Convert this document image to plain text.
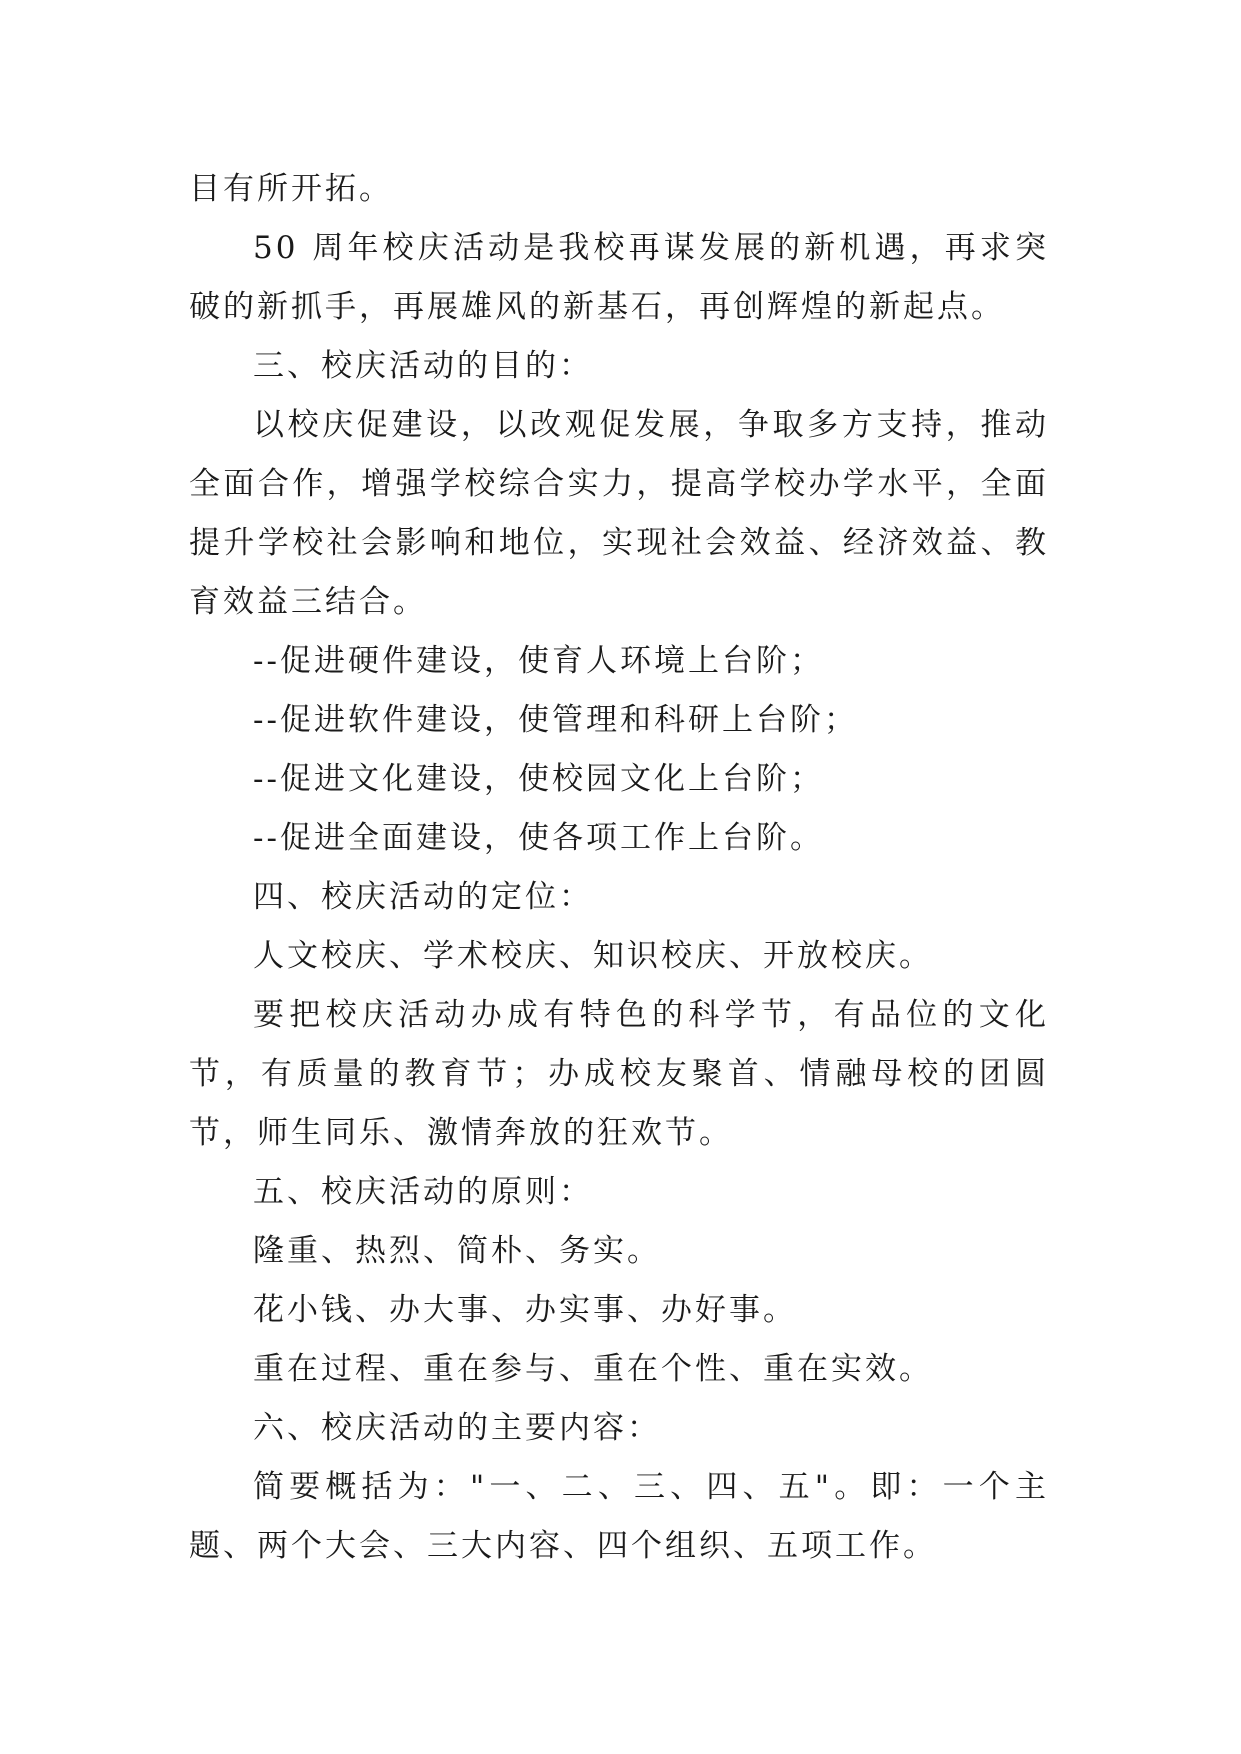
目有所开拓。

50 周年校庆活动是我校再谋发展的新机遇，再求突破的新抓手，再展雄风的新基石，再创辉煌的新起点。

三、校庆活动的目的：

以校庆促建设，以改观促发展，争取多方支持，推动全面合作，增强学校综合实力，提高学校办学水平，全面提升学校社会影响和地位，实现社会效益、经济效益、教育效益三结合。

--促进硬件建设，使育人环境上台阶；

--促进软件建设，使管理和科研上台阶；

--促进文化建设，使校园文化上台阶；

--促进全面建设，使各项工作上台阶。

四、校庆活动的定位：

人文校庆、学术校庆、知识校庆、开放校庆。

要把校庆活动办成有特色的科学节，有品位的文化节，有质量的教育节；办成校友聚首、情融母校的团圆节，师生同乐、激情奔放的狂欢节。

五、校庆活动的原则：

隆重、热烈、简朴、务实。

花小钱、办大事、办实事、办好事。

重在过程、重在参与、重在个性、重在实效。

六、校庆活动的主要内容：

简要概括为："一、二、三、四、五"。即：一个主题、两个大会、三大内容、四个组织、五项工作。
